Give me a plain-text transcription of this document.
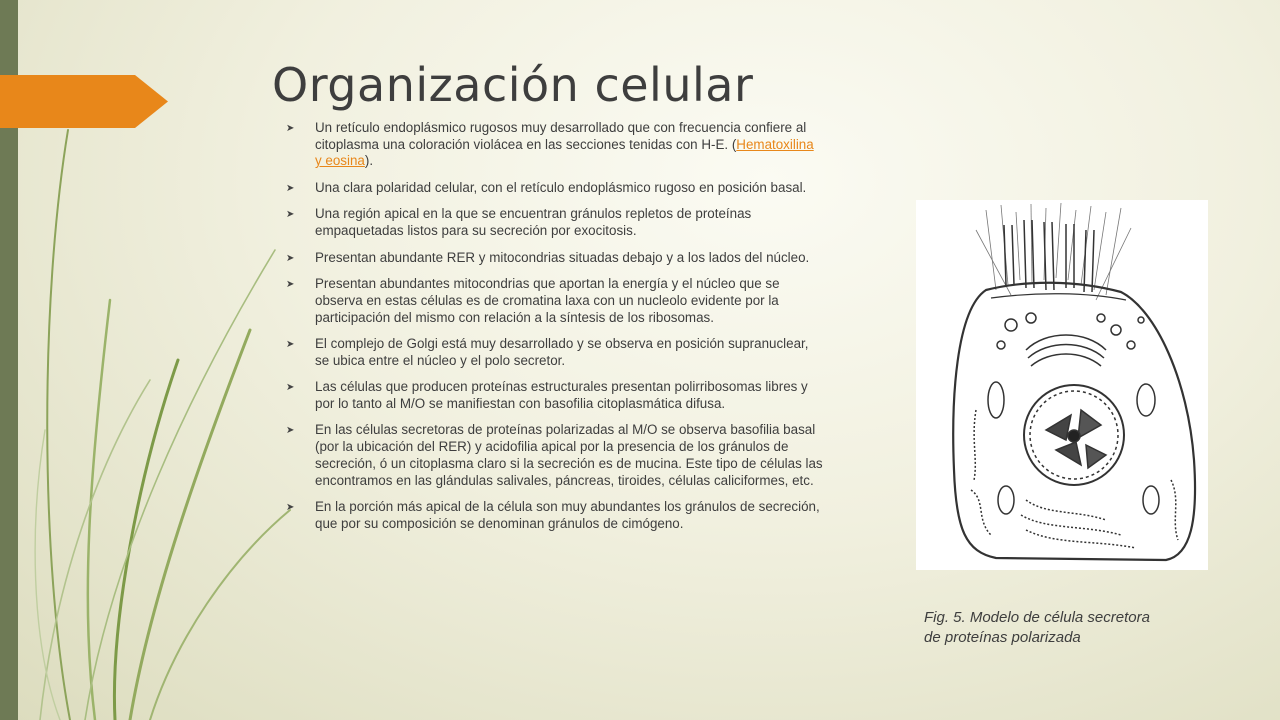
Organización celular
➤ Un retículo endoplásmico rugosos muy desarrollado que con frecuencia confiere al citoplasma una coloración violácea en las secciones tenidas con H-E. (Hematoxilina y eosina).
➤ Una clara polaridad celular, con el retículo endoplásmico rugoso en posición basal.
➤ Una región apical en la que se encuentran gránulos repletos de proteínas empaquetadas listos para su secreción por exocitosis.
➤ Presentan abundante RER y mitocondrias situadas debajo y a los lados del núcleo.
➤ Presentan abundantes mitocondrias que aportan la energía y el núcleo que se observa en estas células es de cromatina laxa con un nucleolo evidente por la participación del mismo con relación a la síntesis de los ribosomas.
➤ El complejo de Golgi está muy desarrollado y se observa en posición supranuclear, se ubica entre el núcleo y el polo secretor.
➤ Las células que producen proteínas estructurales presentan polirribosomas libres y por lo tanto al M/O se manifiestan con basofilia citoplasmática difusa.
➤ En las células secretoras de proteínas polarizadas al M/O se observa basofilia basal (por la ubicación del RER) y acidofilia apical por la presencia de los gránulos de secreción, ó un citoplasma claro si la secreción es de mucina. Este tipo de células las encontramos en las glándulas salivales, páncreas, tiroides, células caliciformes, etc.
➤ En la porción más apical de la célula son muy abundantes los gránulos de secreción, que por su composición se denominan gránulos de cimógeno.

Fig. 5. Modelo de célula secretora de proteínas polarizada
